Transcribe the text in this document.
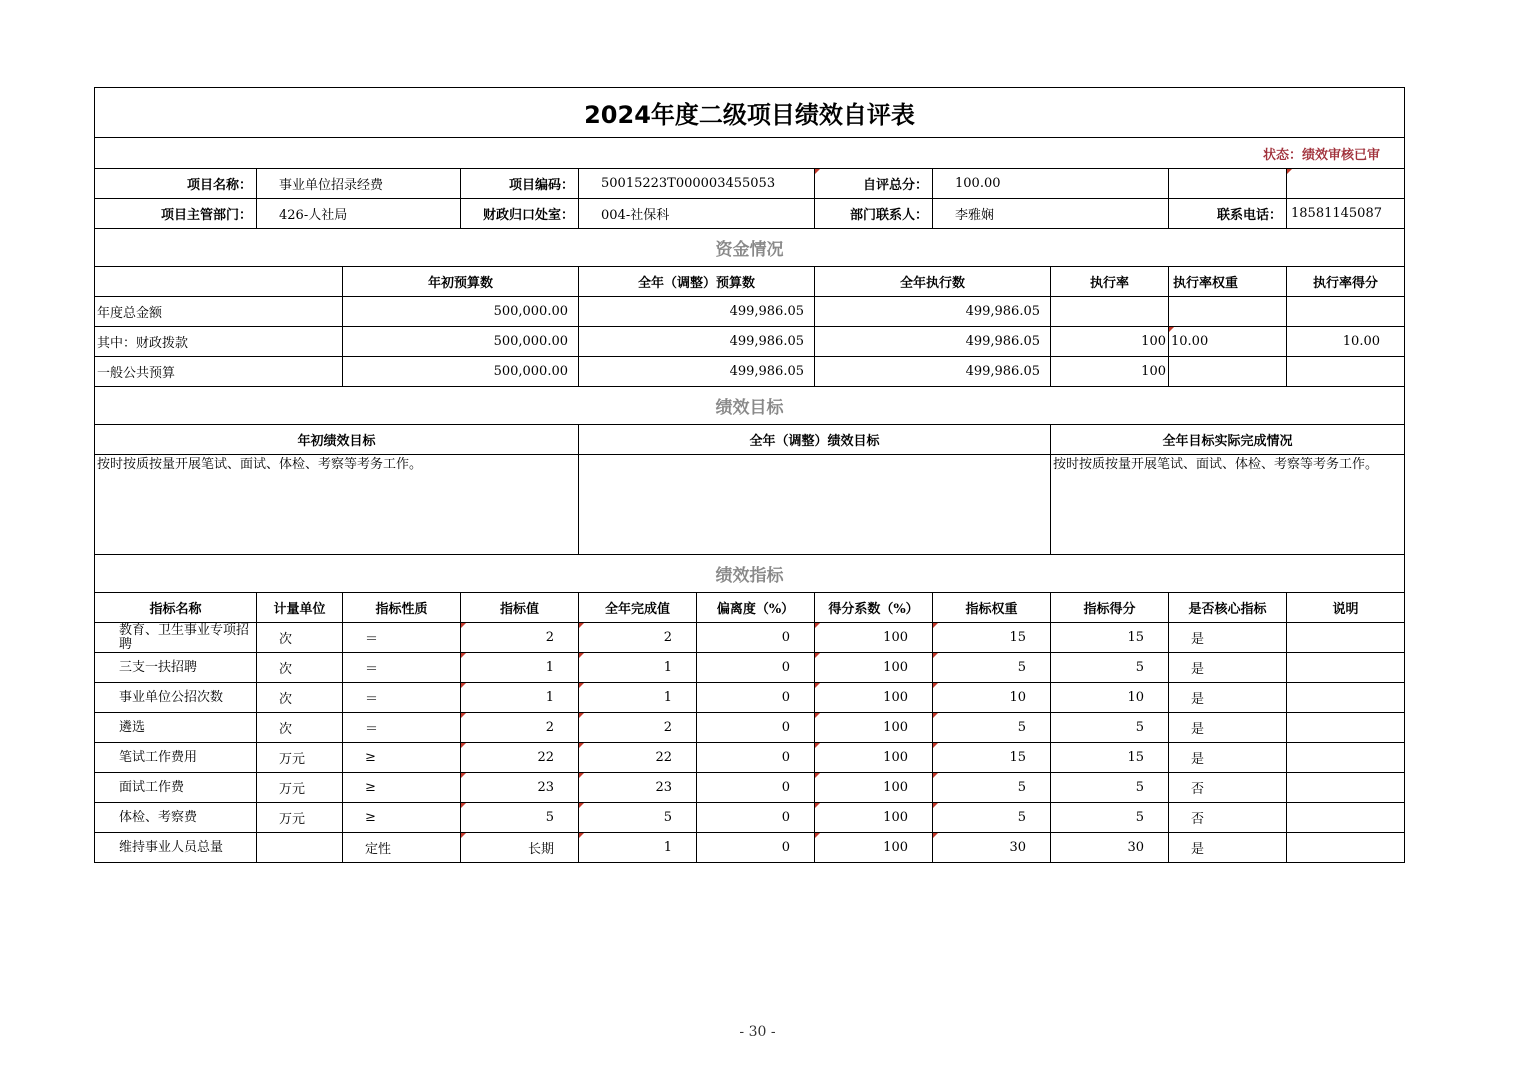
2024年度二级项目绩效自评表										
状态：绩效审核已审										
项目名称：	事业单位招录经费		项目编码：	50015223T000003455053		自评总分：	100.00			
项目主管部门：	426-人社局		财政归口处室：	004-社保科		部门联系人：	李雅娴		联系电话：	18581145087
资金情况										
		年初预算数		全年（调整）预算数		全年执行数		执行率	执行率权重	执行率得分
年度总金额		500,000.00		499,986.05		499,986.05				
其中：财政拨款		500,000.00		499,986.05		499,986.05		100	10.00	10.00
一般公共预算		500,000.00		499,986.05		499,986.05		100		
绩效目标										
年初绩效目标				全年（调整）绩效目标				全年目标实际完成情况		
按时按质按量开展笔试、面试、体检、考察等考务工作。								按时按质按量开展笔试、面试、体检、考察等考务工作。		
绩效指标										
指标名称	计量单位	指标性质	指标值	全年完成值	偏离度（%）	得分系数（%）	指标权重	指标得分	是否核心指标	说明
教育、卫生事业专项招聘	次	＝	2	2	0	100	15	15	是	
三支一扶招聘	次	＝	1	1	0	100	5	5	是	
事业单位公招次数	次	＝	1	1	0	100	10	10	是	
遴选	次	＝	2	2	0	100	5	5	是	
笔试工作费用	万元	≥	22	22	0	100	15	15	是	
面试工作费	万元	≥	23	23	0	100	5	5	否	
体检、考察费	万元	≥	5	5	0	100	5	5	否	
维持事业人员总量		定性	长期	1	0	100	30	30	是	
- 30 -
